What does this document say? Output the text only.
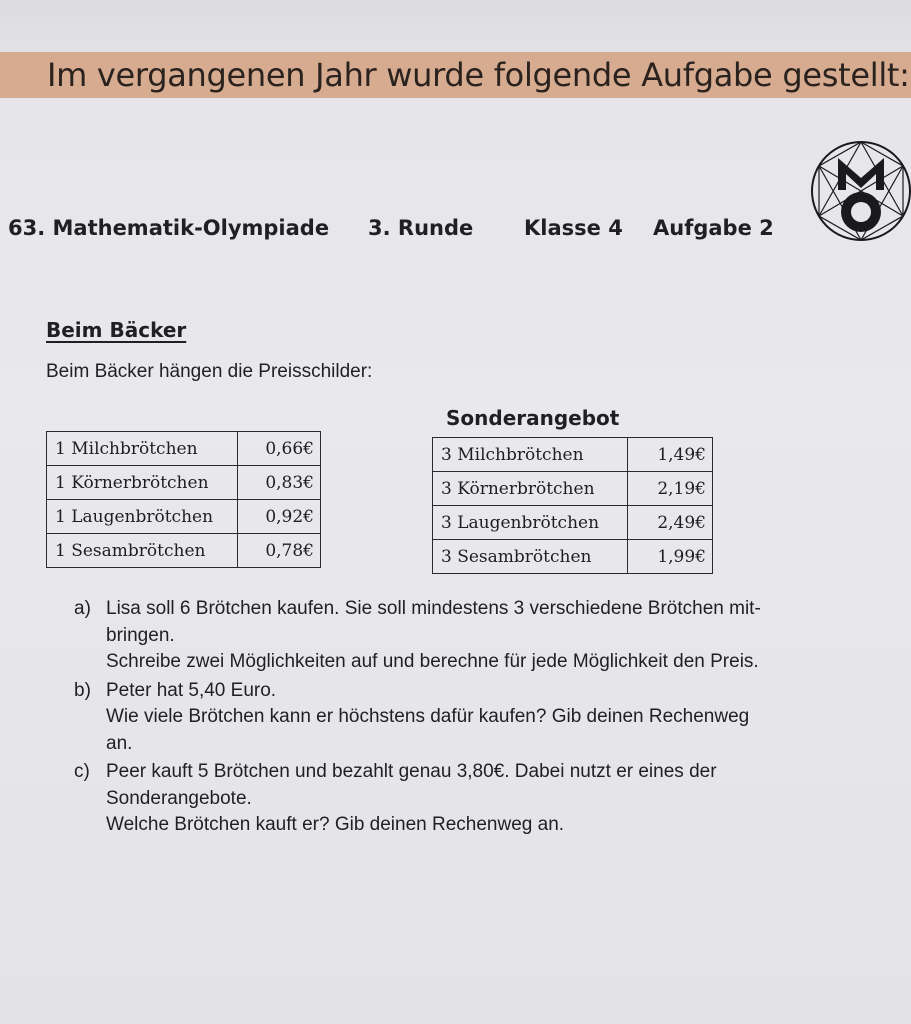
Im vergangenen Jahr wurde folgende Aufgabe gestellt:
63. Mathematik-Olympiade 3. Runde Klasse 4 Aufgabe 2
Beim Bäcker
Beim Bäcker hängen die Preisschilder:
1 Milchbrötchen	0,66€
1 Körnerbrötchen	0,83€
1 Laugenbrötchen	0,92€
1 Sesambrötchen	0,78€
Sonderangebot
3 Milchbrötchen	1,49€
3 Körnerbrötchen	2,19€
3 Laugenbrötchen	2,49€
3 Sesambrötchen	1,99€
a) Lisa soll 6 Brötchen kaufen. Sie soll mindestens 3 verschiedene Brötchen mit-
bringen.
Schreibe zwei Möglichkeiten auf und berechne für jede Möglichkeit den Preis.
b) Peter hat 5,40 Euro.
Wie viele Brötchen kann er höchstens dafür kaufen? Gib deinen Rechenweg
an.
c) Peer kauft 5 Brötchen und bezahlt genau 3,80€. Dabei nutzt er eines der
Sonderangebote.
Welche Brötchen kauft er? Gib deinen Rechenweg an.
